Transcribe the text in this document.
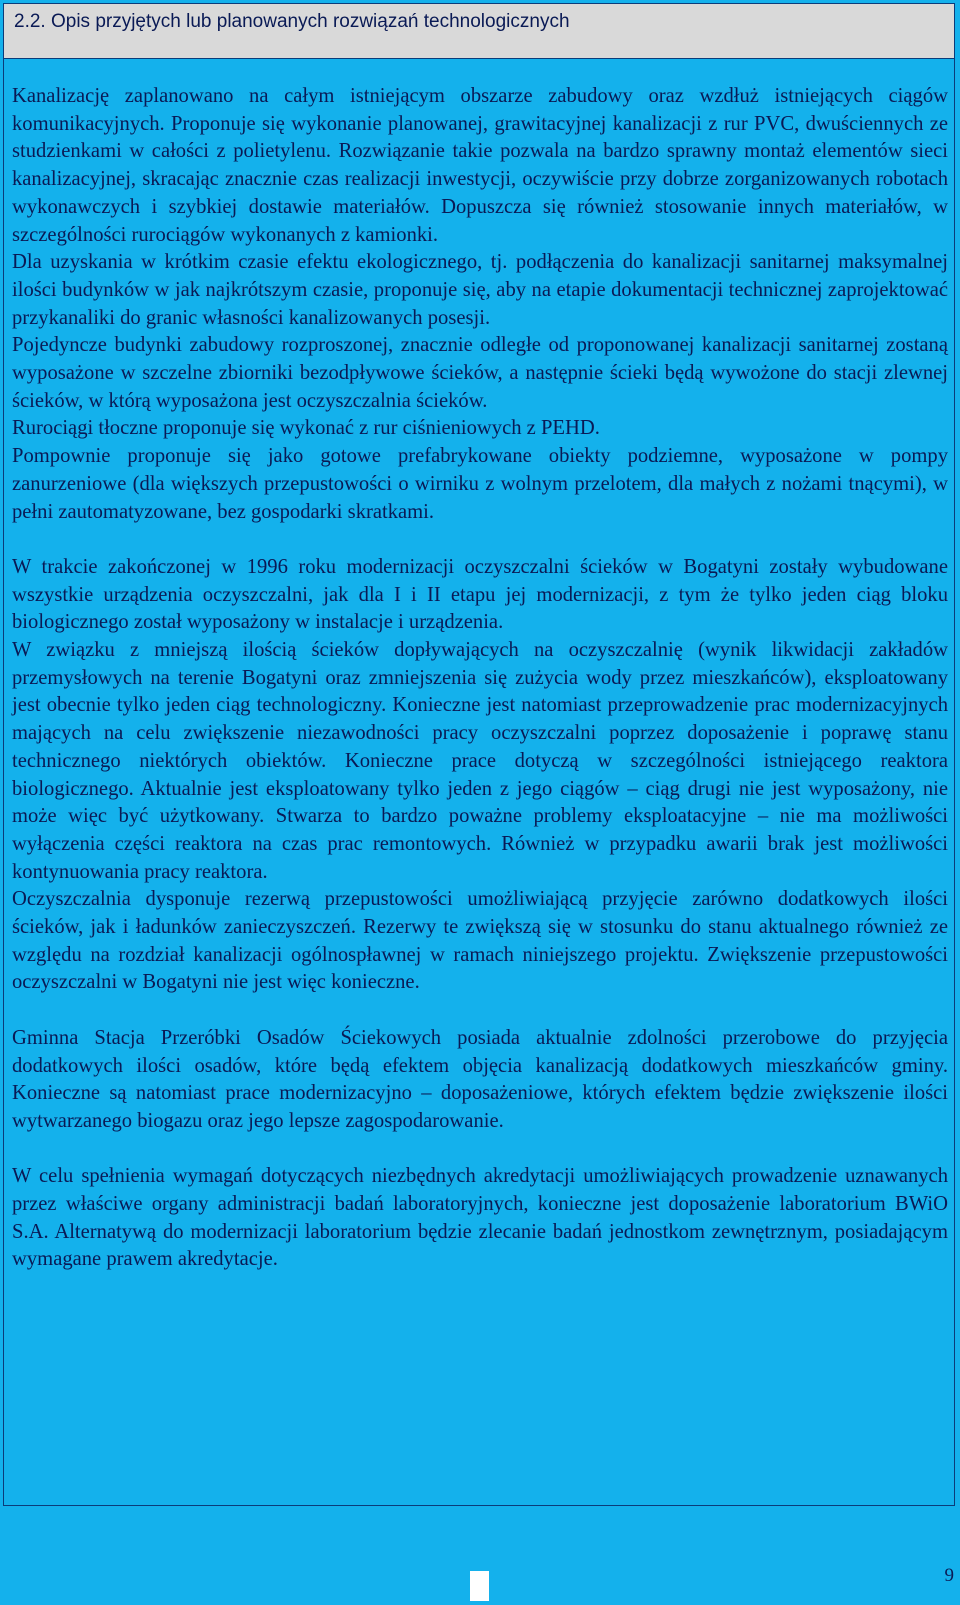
2.2. Opis przyjętych lub planowanych rozwiązań technologicznych

Kanalizację zaplanowano na całym istniejącym obszarze zabudowy oraz wzdłuż istniejących ciągów komunikacyjnych. Proponuje się wykonanie planowanej, grawitacyjnej kanalizacji z rur PVC, dwuściennych ze studzienkami w całości z polietylenu. Rozwiązanie takie pozwala na bardzo sprawny montaż elementów sieci kanalizacyjnej, skracając znacznie czas realizacji inwestycji, oczywiście przy dobrze zorganizowanych robotach wykonawczych i szybkiej dostawie materiałów. Dopuszcza się również stosowanie innych materiałów, w szczególności rurociągów wykonanych z kamionki.

Dla uzyskania w krótkim czasie efektu ekologicznego, tj. podłączenia do kanalizacji sanitarnej maksymalnej ilości budynków w jak najkrótszym czasie, proponuje się, aby na etapie dokumentacji technicznej zaprojektować przykanaliki do granic własności kanalizowanych posesji.

Pojedyncze budynki zabudowy rozproszonej, znacznie odległe od proponowanej kanalizacji sanitarnej zostaną wyposażone w szczelne zbiorniki bezodpływowe ścieków, a następnie ścieki będą wywożone do stacji zlewnej ścieków, w którą wyposażona jest oczyszczalnia ścieków.

Rurociągi tłoczne proponuje się wykonać z rur ciśnieniowych z PEHD.

Pompownie proponuje się jako gotowe prefabrykowane obiekty podziemne, wyposażone w pompy zanurzeniowe (dla większych przepustowości o wirniku z wolnym przelotem, dla małych z nożami tnącymi), w pełni zautomatyzowane, bez gospodarki skratkami.

W trakcie zakończonej w 1996 roku modernizacji oczyszczalni ścieków w Bogatyni zostały wybudowane wszystkie urządzenia oczyszczalni, jak dla I i II etapu jej modernizacji, z tym że tylko jeden ciąg bloku biologicznego został wyposażony w instalacje i urządzenia.

W związku z mniejszą ilością ścieków dopływających na oczyszczalnię (wynik likwidacji zakładów przemysłowych na terenie Bogatyni oraz zmniejszenia się zużycia wody przez mieszkańców), eksploatowany jest obecnie tylko jeden ciąg technologiczny. Konieczne jest natomiast przeprowadzenie prac modernizacyjnych mających na celu zwiększenie niezawodności pracy oczyszczalni poprzez doposażenie i poprawę stanu technicznego niektórych obiektów. Konieczne prace dotyczą w szczególności istniejącego reaktora biologicznego. Aktualnie jest eksploatowany tylko jeden z jego ciągów – ciąg drugi nie jest wyposażony, nie może więc być użytkowany. Stwarza to bardzo poważne problemy eksploatacyjne – nie ma możliwości wyłączenia części reaktora na czas prac remontowych. Również w przypadku awarii brak jest możliwości kontynuowania pracy reaktora.

Oczyszczalnia dysponuje rezerwą przepustowości umożliwiającą przyjęcie zarówno dodatkowych ilości ścieków, jak i ładunków zanieczyszczeń. Rezerwy te zwiększą się w stosunku do stanu aktualnego również ze względu na rozdział kanalizacji ogólnospławnej w ramach niniejszego projektu. Zwiększenie przepustowości oczyszczalni w Bogatyni nie jest więc konieczne.

Gminna Stacja Przeróbki Osadów Ściekowych posiada aktualnie zdolności przerobowe do przyjęcia dodatkowych ilości osadów, które będą efektem objęcia kanalizacją dodatkowych mieszkańców gminy. Konieczne są natomiast prace modernizacyjno – doposażeniowe, których efektem będzie zwiększenie ilości wytwarzanego biogazu oraz jego lepsze zagospodarowanie.

W celu spełnienia wymagań dotyczących niezbędnych akredytacji umożliwiających prowadzenie uznawanych przez właściwe organy administracji badań laboratoryjnych, konieczne jest doposażenie laboratorium BWiO S.A. Alternatywą do modernizacji laboratorium będzie zlecanie badań jednostkom zewnętrznym, posiadającym wymagane prawem akredytacje.

9
